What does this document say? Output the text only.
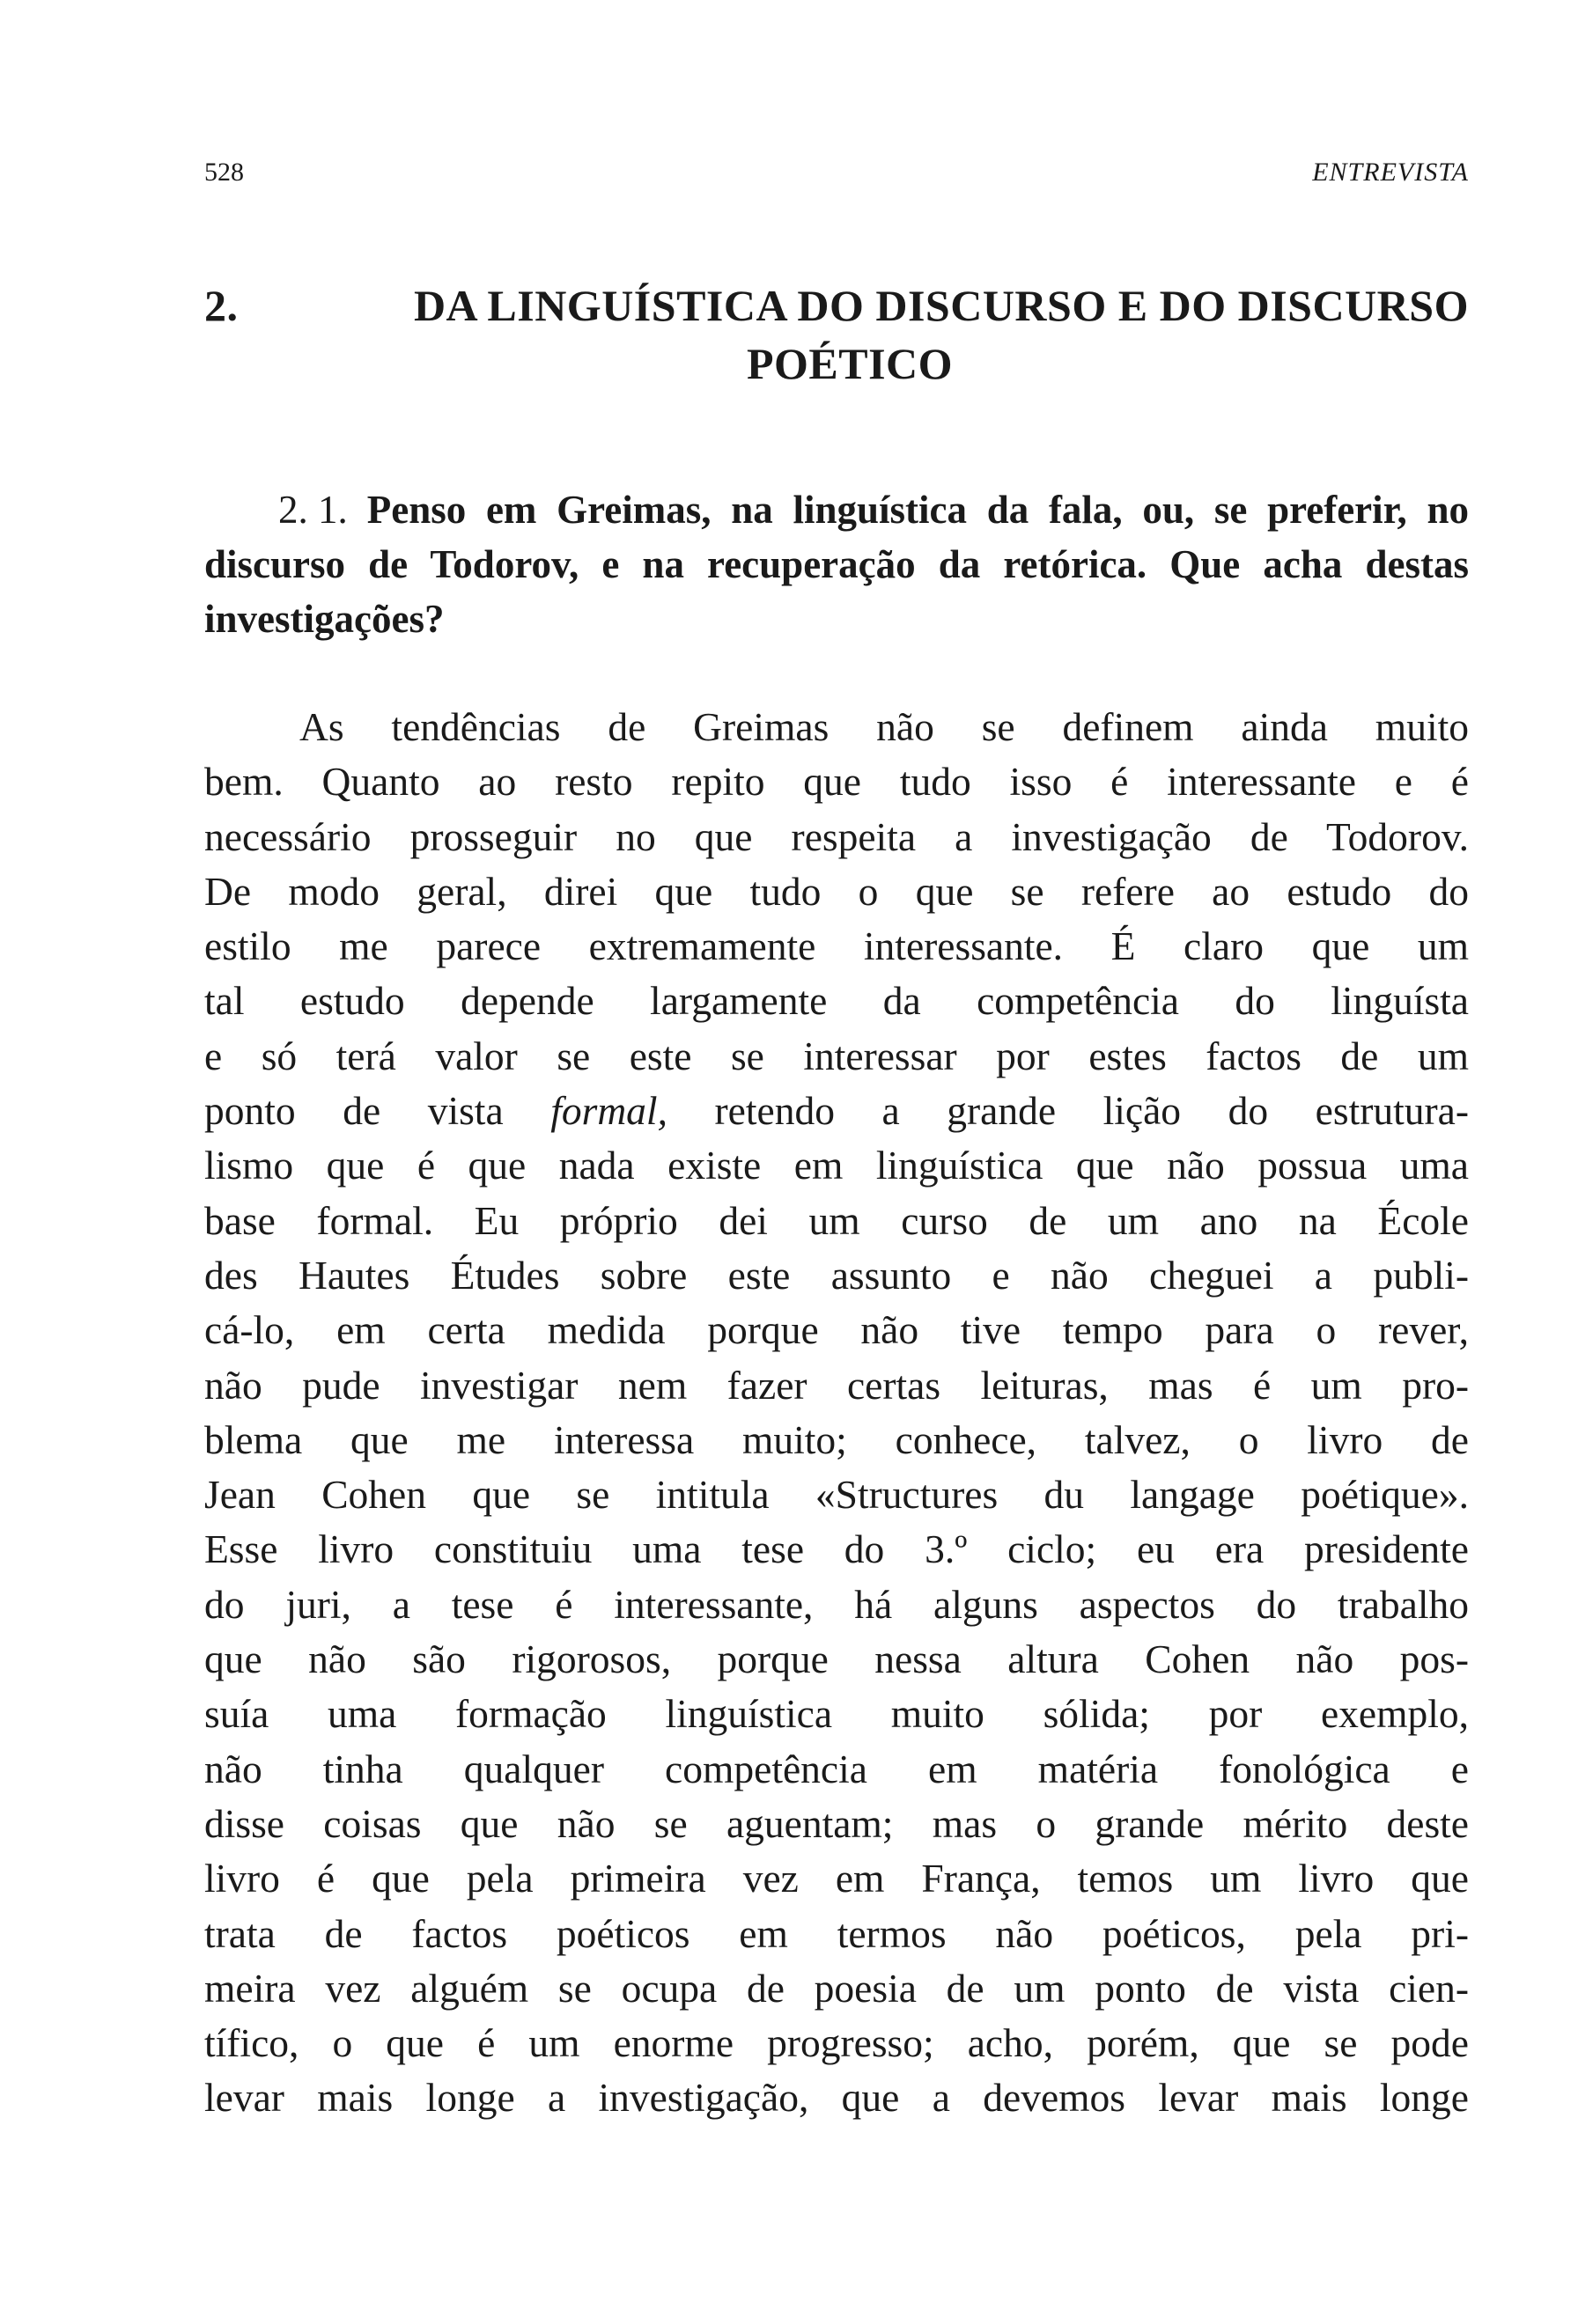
528	ENTREVISTA
2.	DA LINGUÍSTICA DO DISCURSO E DO DISCURSO
POÉTICO
2. 1. Penso em Greimas, na linguística da fala, ou, se preferir, no discurso de Todorov, e na recuperação da retórica. Que acha destas investigações?
As tendências de Greimas não se definem ainda muito
bem. Quanto ao resto repito que tudo isso é interessante e é
necessário prosseguir no que respeita a investigação de Todorov.
De modo geral, direi que tudo o que se refere ao estudo do
estilo me parece extremamente interessante. É claro que um
tal estudo depende largamente da competência do linguísta
e só terá valor se este se interessar por estes factos de um
ponto de vista formal, retendo a grande lição do estrutura-
lismo que é que nada existe em linguística que não possua uma
base formal. Eu próprio dei um curso de um ano na École
des Hautes Études sobre este assunto e não cheguei a publi-
cá-lo, em certa medida porque não tive tempo para o rever,
não pude investigar nem fazer certas leituras, mas é um pro-
blema que me interessa muito; conhece, talvez, o livro de
Jean Cohen que se intitula «Structures du langage poétique».
Esse livro constituiu uma tese do 3.º ciclo; eu era presidente
do juri, a tese é interessante, há alguns aspectos do trabalho
que não são rigorosos, porque nessa altura Cohen não pos-
suía uma formação linguística muito sólida; por exemplo,
não tinha qualquer competência em matéria fonológica e
disse coisas que não se aguentam; mas o grande mérito deste
livro é que pela primeira vez em França, temos um livro que
trata de factos poéticos em termos não poéticos, pela pri-
meira vez alguém se ocupa de poesia de um ponto de vista cien-
tífico, o que é um enorme progresso; acho, porém, que se pode
levar mais longe a investigação, que a devemos levar mais longe
